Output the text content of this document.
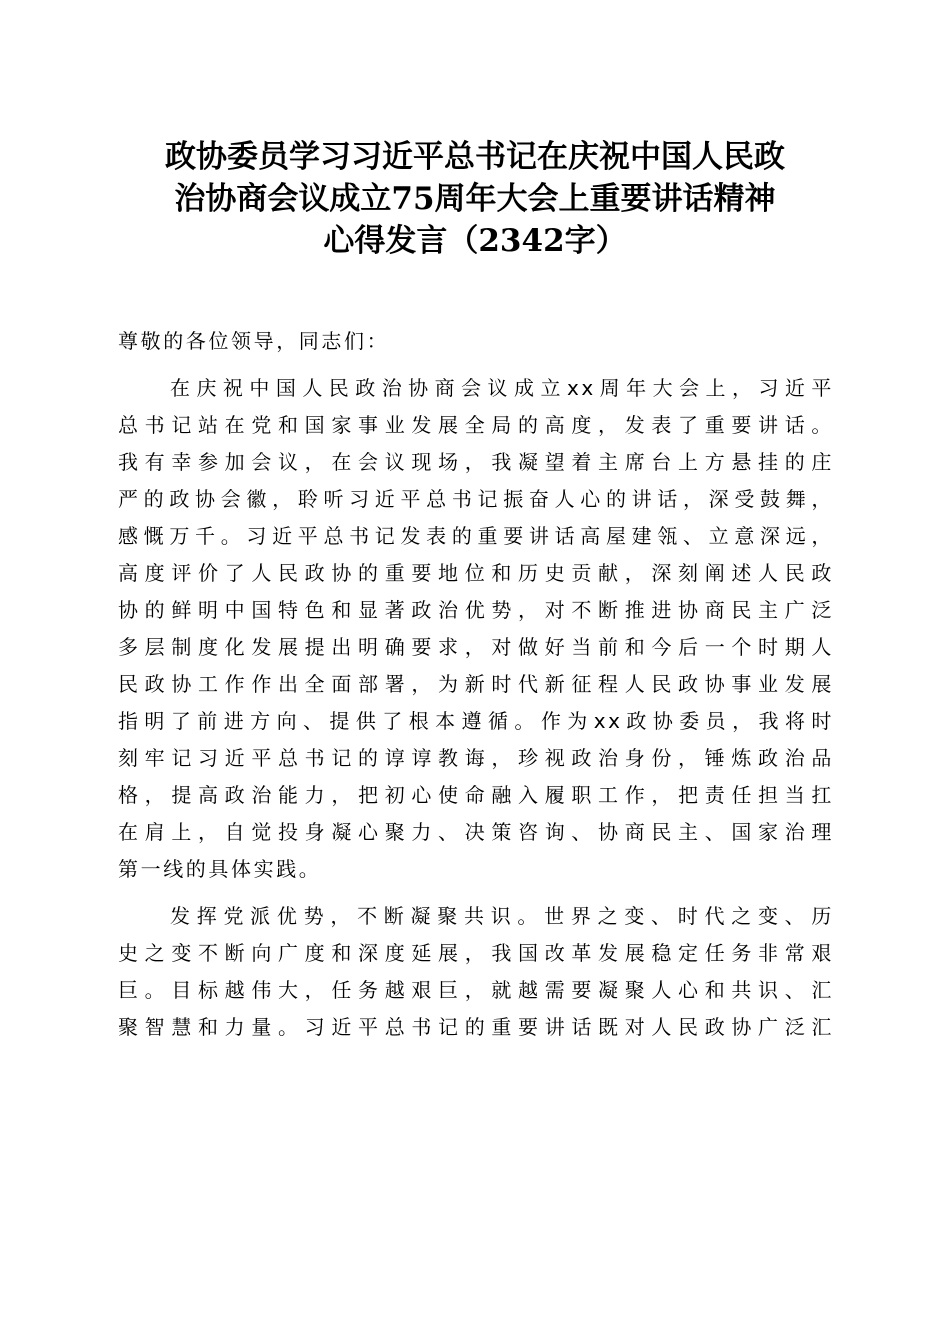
政协委员学习习近平总书记在庆祝中国人民政
治协商会议成立75周年大会上重要讲话精神
心得发言（2342字）
尊敬的各位领导，同志们：
在庆祝中国人民政治协商会议成立xx周年大会上，习近平
总书记站在党和国家事业发展全局的高度，发表了重要讲话。
我有幸参加会议，在会议现场，我凝望着主席台上方悬挂的庄
严的政协会徽，聆听习近平总书记振奋人心的讲话，深受鼓舞，
感慨万千。习近平总书记发表的重要讲话高屋建瓴、立意深远，
高度评价了人民政协的重要地位和历史贡献，深刻阐述人民政
协的鲜明中国特色和显著政治优势，对不断推进协商民主广泛
多层制度化发展提出明确要求，对做好当前和今后一个时期人
民政协工作作出全面部署，为新时代新征程人民政协事业发展
指明了前进方向、提供了根本遵循。作为xx政协委员，我将时
刻牢记习近平总书记的谆谆教诲，珍视政治身份，锤炼政治品
格，提高政治能力，把初心使命融入履职工作，把责任担当扛
在肩上，自觉投身凝心聚力、决策咨询、协商民主、国家治理
第一线的具体实践。
发挥党派优势，不断凝聚共识。世界之变、时代之变、历
史之变不断向广度和深度延展，我国改革发展稳定任务非常艰
巨。目标越伟大，任务越艰巨，就越需要凝聚人心和共识、汇
聚智慧和力量。习近平总书记的重要讲话既对人民政协广泛汇
